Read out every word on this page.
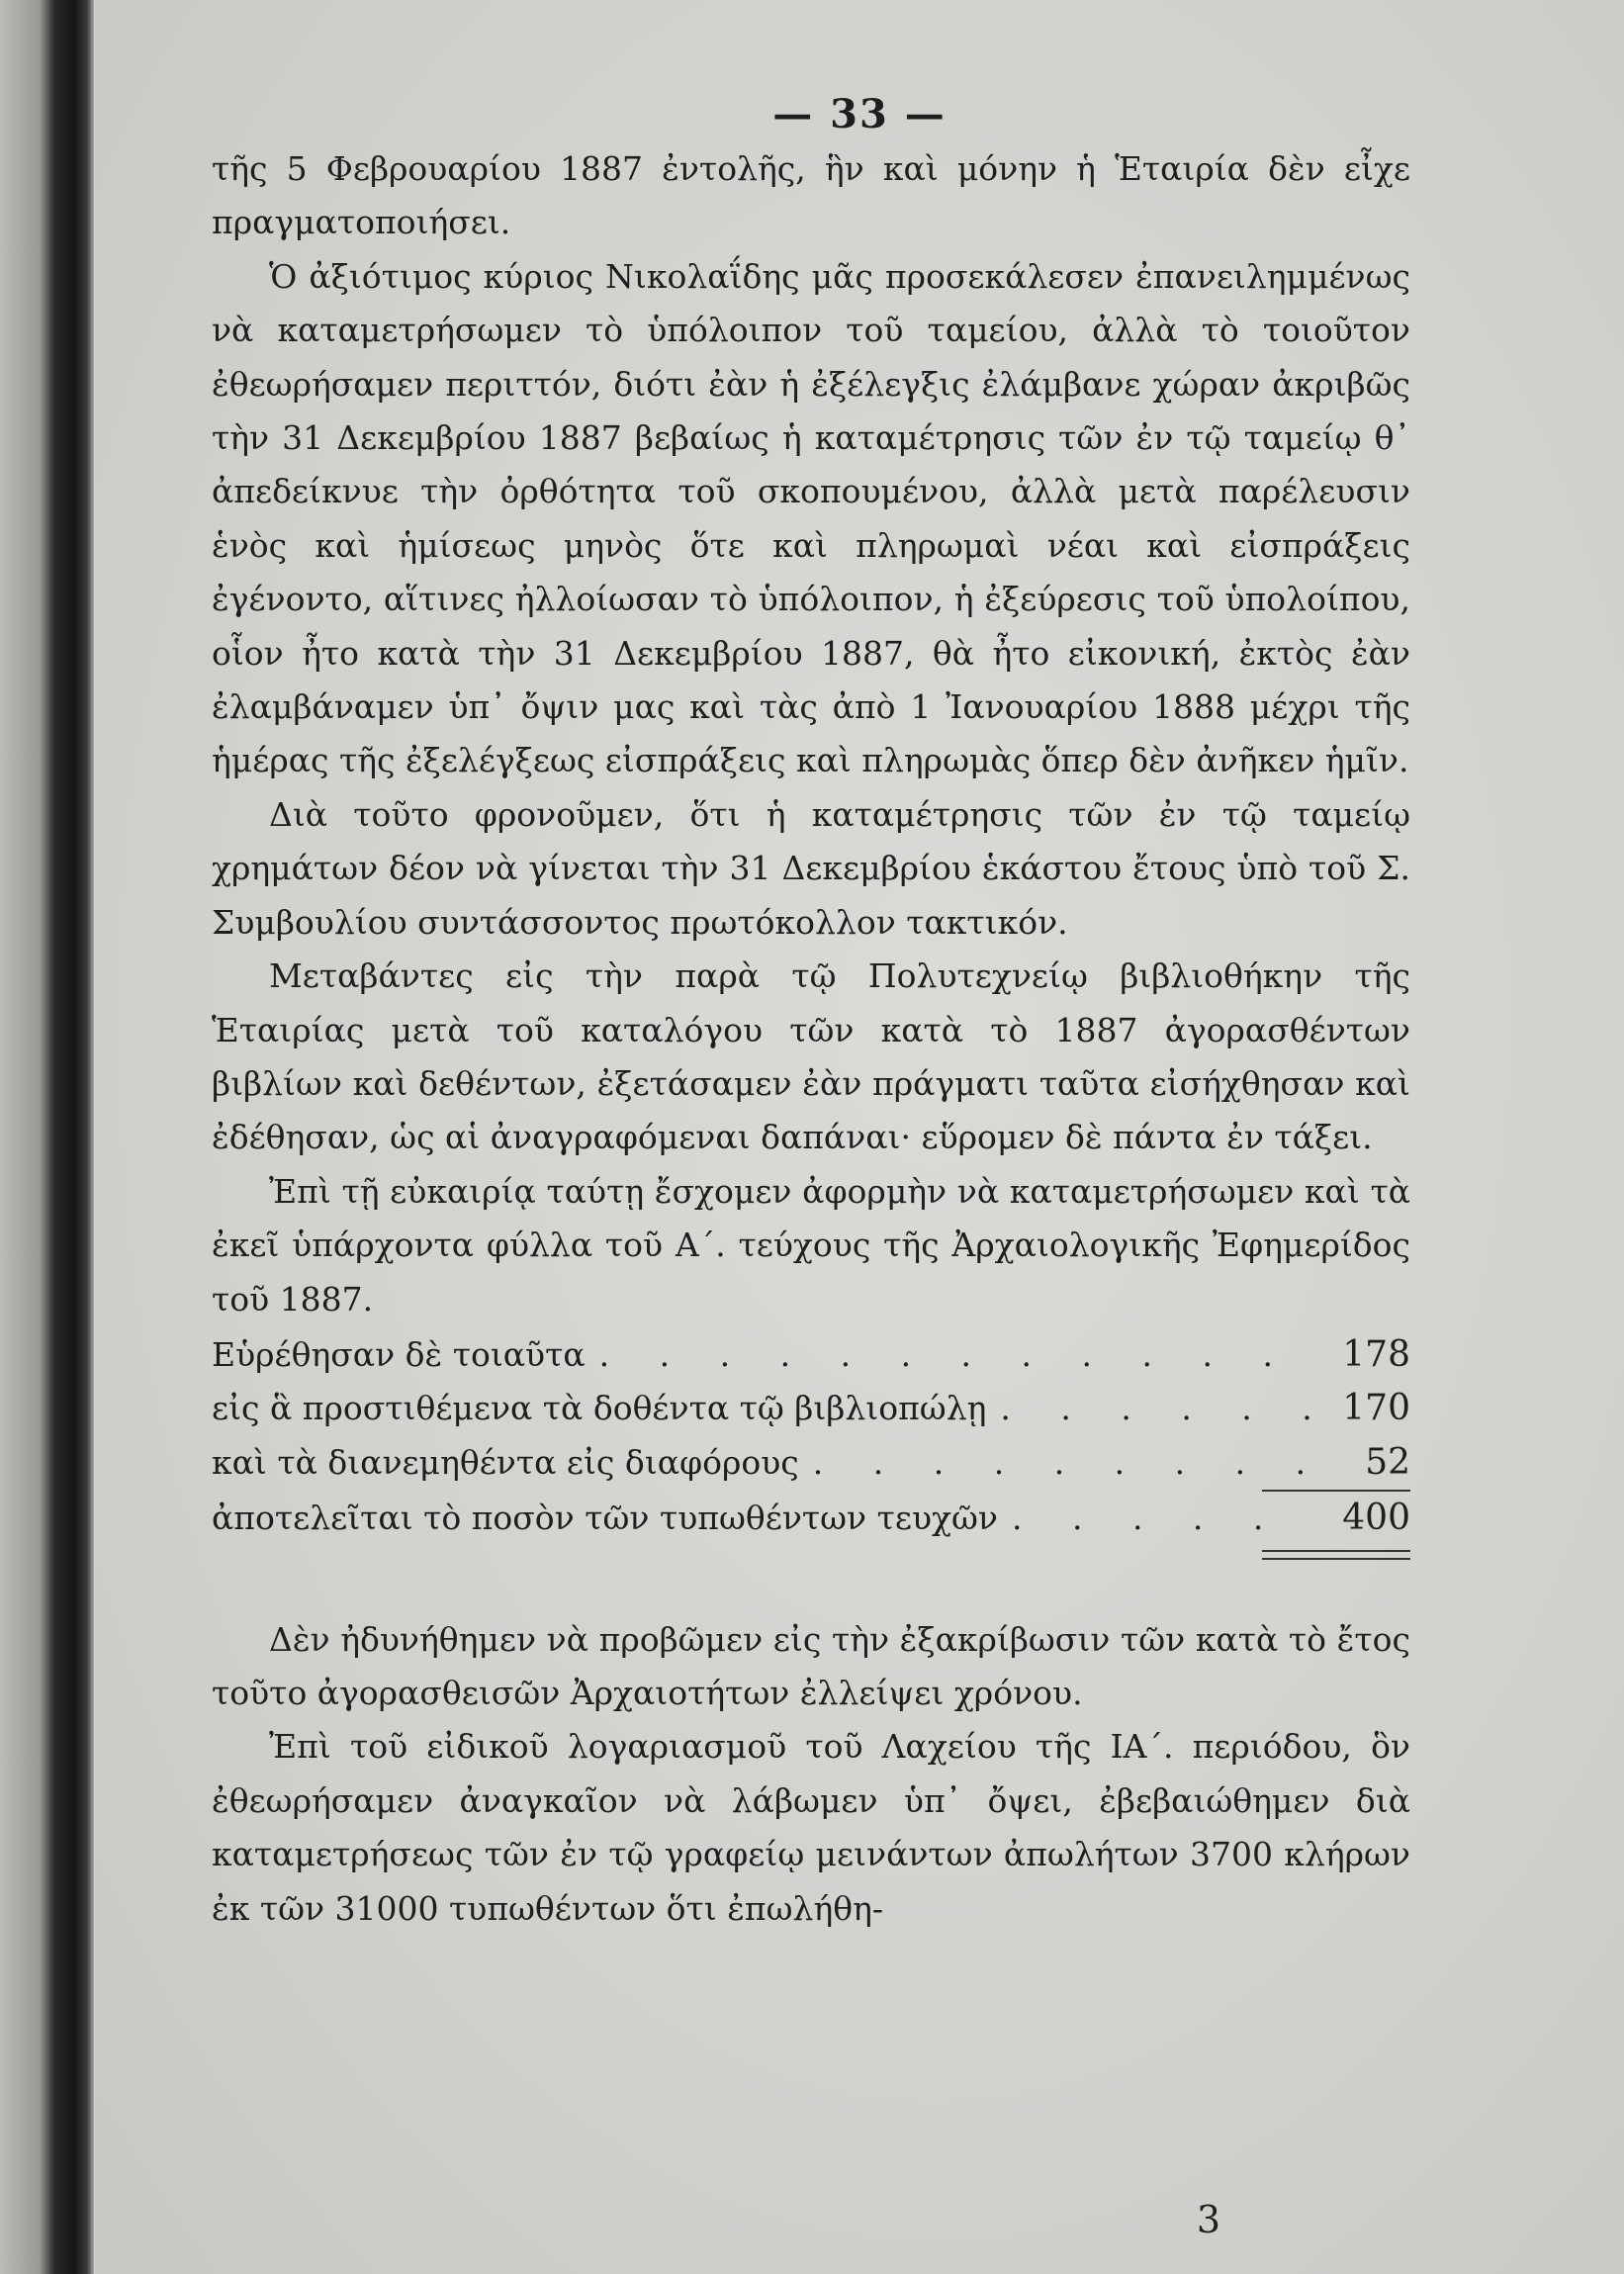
— 33 —

τῆς 5 Φεβρουαρίου 1887 ἐντολῆς, ἣν καὶ μόνην ἡ Ἑταιρία δὲν εἶχε πραγματοποιήσει.

Ὁ ἀξιότιμος κύριος Νικολαΐδης μᾶς προσεκάλεσεν ἐπανειλημμένως νὰ καταμετρήσωμεν τὸ ὑπόλοιπον τοῦ ταμείου, ἀλλὰ τὸ τοιοῦτον ἐθεωρήσαμεν περιττόν, διότι ἐὰν ἡ ἐξέλεγξις ἐλάμβανε χώραν ἀκριβῶς τὴν 31 Δεκεμβρίου 1887 βεβαίως ἡ καταμέτρησις τῶν ἐν τῷ ταμείῳ θ᾽ ἀπεδείκνυε τὴν ὀρθότητα τοῦ σκοπουμένου, ἀλλὰ μετὰ παρέλευσιν ἑνὸς καὶ ἡμίσεως μηνὸς ὅτε καὶ πληρωμαὶ νέαι καὶ εἰσπράξεις ἐγένοντο, αἵτινες ἠλλοίωσαν τὸ ὑπόλοιπον, ἡ ἐξεύρεσις τοῦ ὑπολοίπου, οἷον ἦτο κατὰ τὴν 31 Δεκεμβρίου 1887, θὰ ἦτο εἰκονική, ἐκτὸς ἐὰν ἐλαμβάναμεν ὑπ᾽ ὄψιν μας καὶ τὰς ἀπὸ 1 Ἰανουαρίου 1888 μέχρι τῆς ἡμέρας τῆς ἐξελέγξεως εἰσπράξεις καὶ πληρωμὰς ὅπερ δὲν ἀνῆκεν ἡμῖν.

Διὰ τοῦτο φρονοῦμεν, ὅτι ἡ καταμέτρησις τῶν ἐν τῷ ταμείῳ χρημάτων δέον νὰ γίνεται τὴν 31 Δεκεμβρίου ἑκάστου ἔτους ὑπὸ τοῦ Σ. Συμβουλίου συντάσσοντος πρωτόκολλον τακτικόν.

Μεταβάντες εἰς τὴν παρὰ τῷ Πολυτεχνείῳ βιβλιοθήκην τῆς Ἑταιρίας μετὰ τοῦ καταλόγου τῶν κατὰ τὸ 1887 ἀγορασθέντων βιβλίων καὶ δεθέντων, ἐξετάσαμεν ἐὰν πράγματι ταῦτα εἰσήχθησαν καὶ ἐδέθησαν, ὡς αἱ ἀναγραφόμεναι δαπάναι· εὕρομεν δὲ πάντα ἐν τάξει.

Ἐπὶ τῇ εὐκαιρίᾳ ταύτῃ ἔσχομεν ἀφορμὴν νὰ καταμετρήσωμεν καὶ τὰ ἐκεῖ ὑπάρχοντα φύλλα τοῦ Α΄. τεύχους τῆς Ἀρχαιολογικῆς Ἐφημερίδος τοῦ 1887.

Εὑρέθησαν δὲ τοιαῦτα . . .	178
εἰς ἃ προστιθέμενα τὰ δοθέντα τῷ βιβλιοπώλῃ . . .	170
καὶ τὰ διανεμηθέντα εἰς διαφόρους . . .	52
ἀποτελεῖται τὸ ποσὸν τῶν τυπωθέντων τευχῶν . . .	400

Δὲν ἠδυνήθημεν νὰ προβῶμεν εἰς τὴν ἐξακρίβωσιν τῶν κατὰ τὸ ἔτος τοῦτο ἀγορασθεισῶν Ἀρχαιοτήτων ἐλλείψει χρόνου.

Ἐπὶ τοῦ εἰδικοῦ λογαριασμοῦ τοῦ Λαχείου τῆς ΙΑ΄. περιόδου, ὃν ἐθεωρήσαμεν ἀναγκαῖον νὰ λάβωμεν ὑπ᾽ ὄψει, ἐβεβαιώθημεν διὰ καταμετρήσεως τῶν ἐν τῷ γραφείῳ μεινάντων ἀπωλήτων 3700 κλήρων ἐκ τῶν 31000 τυπωθέντων ὅτι ἐπωλήθη-

3
